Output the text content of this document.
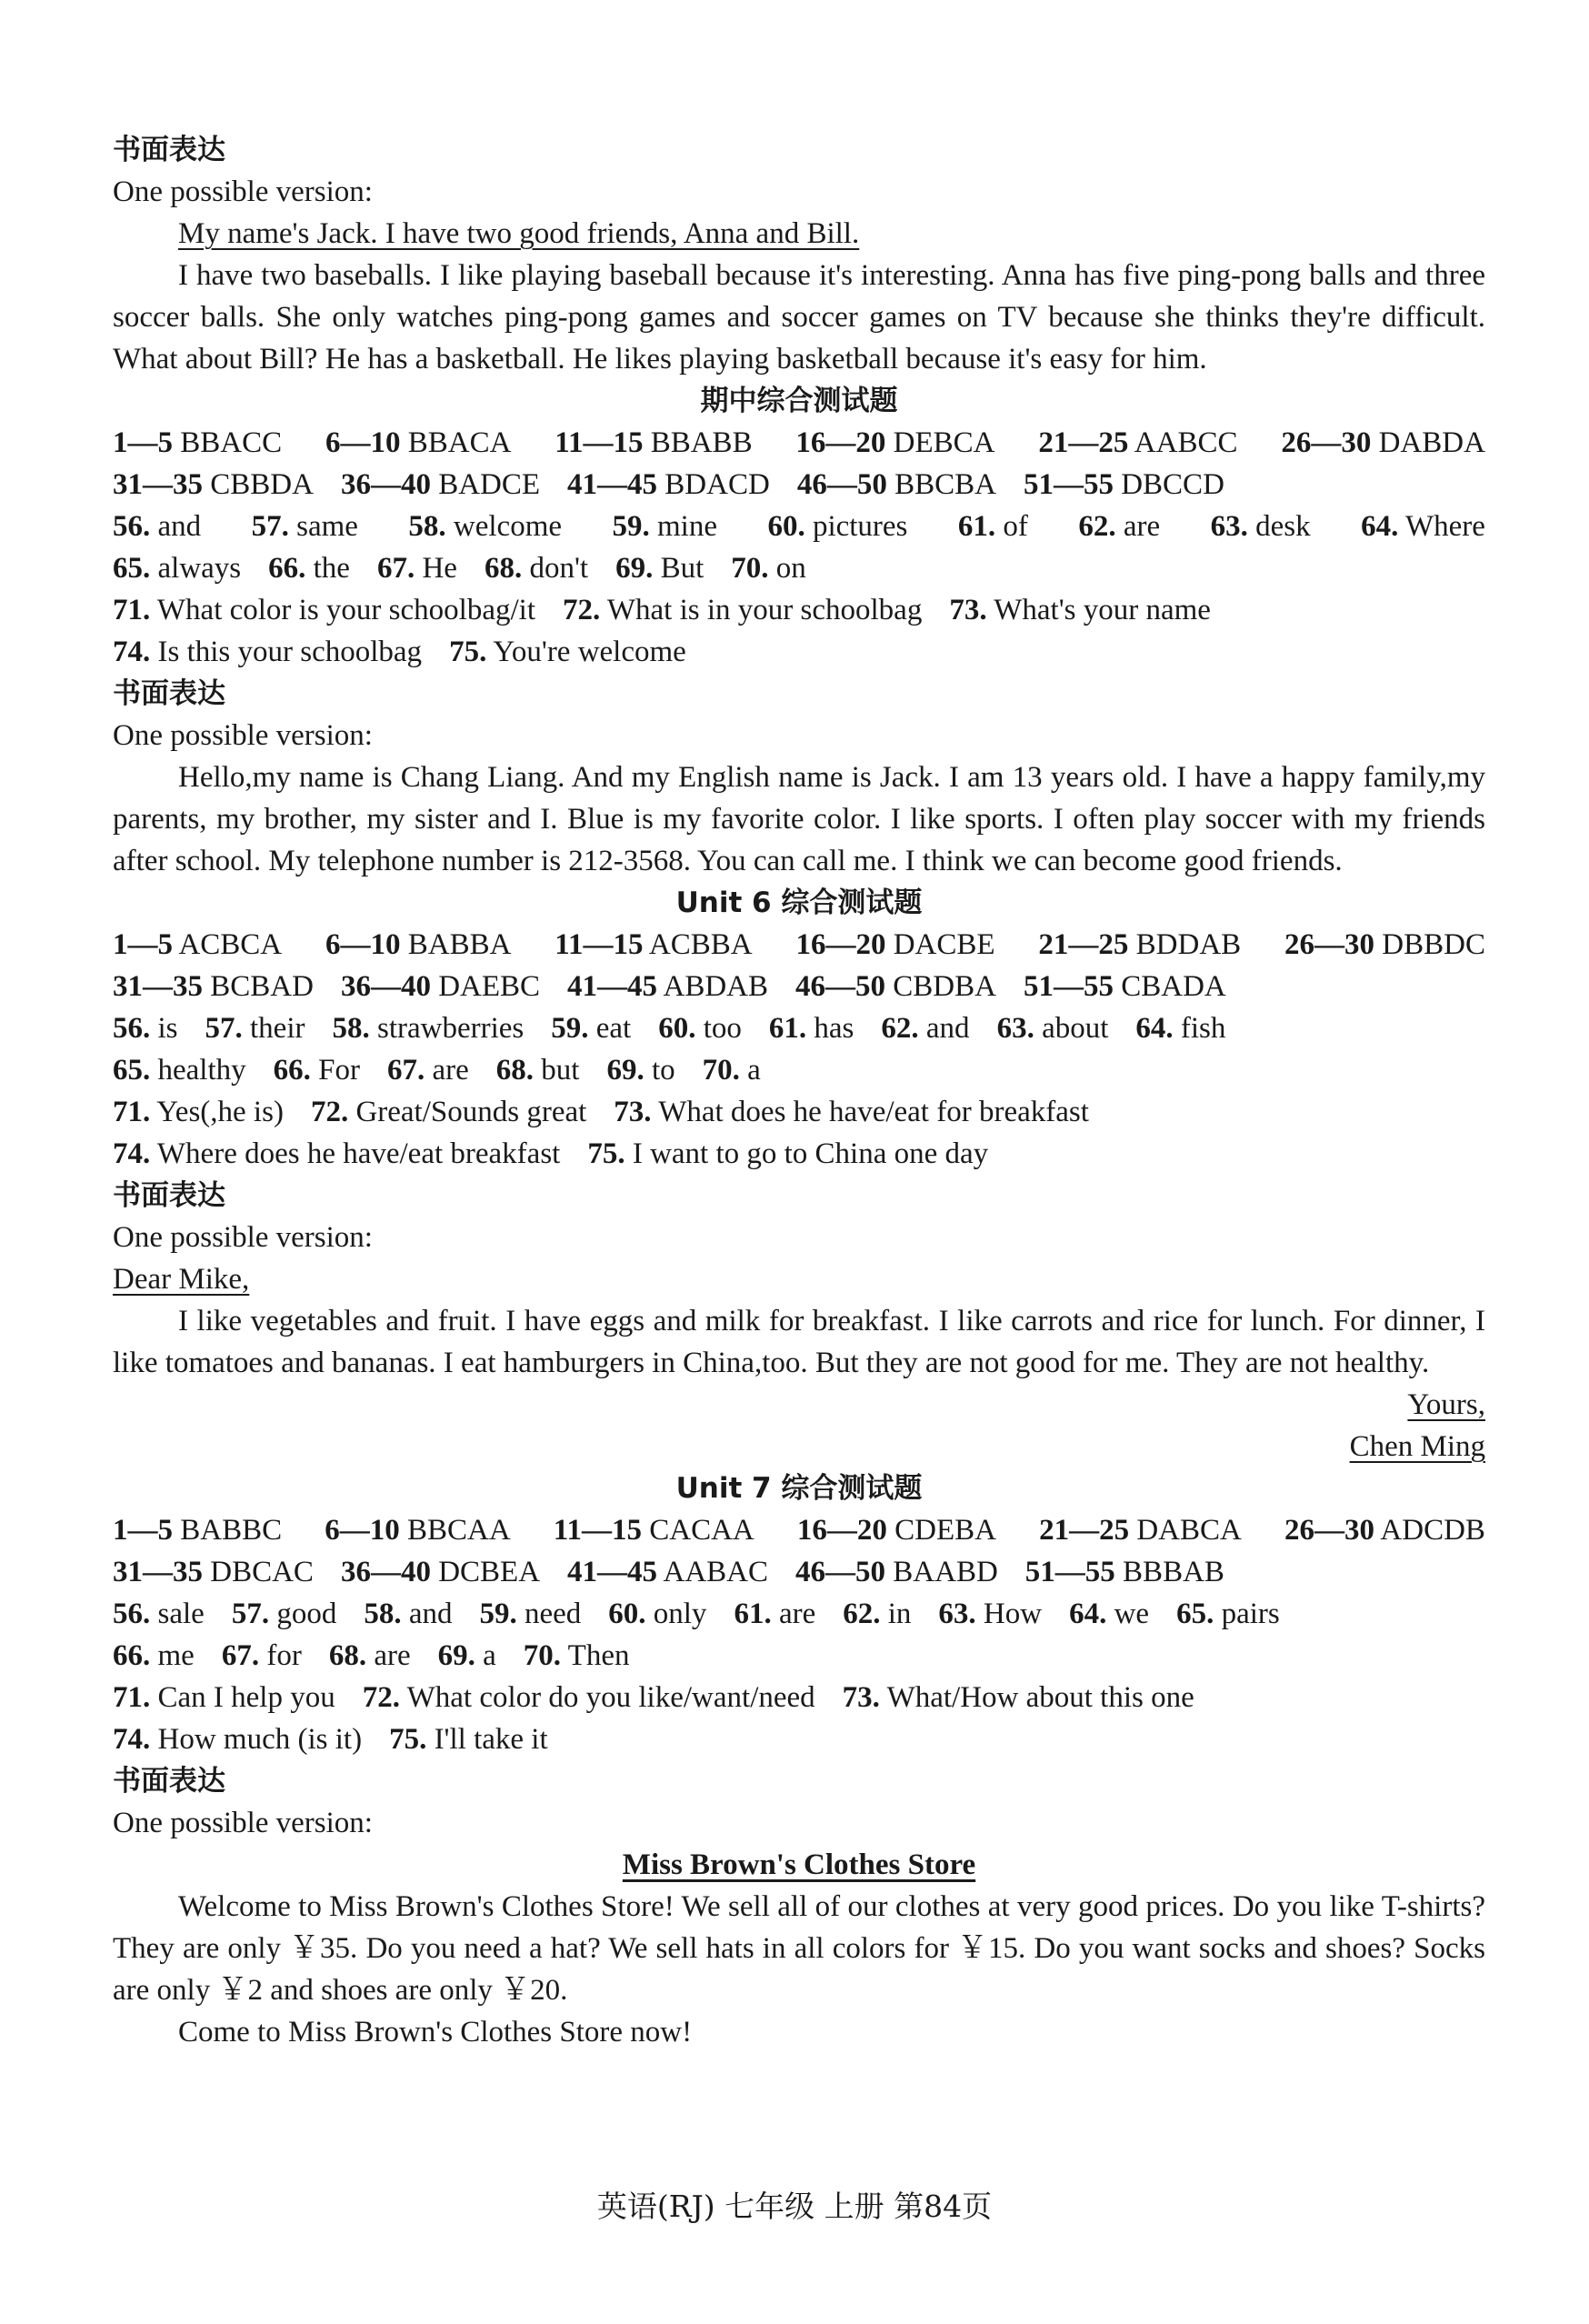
书面表达
One possible version:
My name's Jack. I have two good friends, Anna and Bill.

I have two baseballs. I like playing baseball because it's interesting. Anna has five ping-pong balls and three soccer balls. She only watches ping-pong games and soccer games on TV because she thinks they're difficult. What about Bill? He has a basketball. He likes playing basketball because it's easy for him.

期中综合测试题
1—5 BBACC 6—10 BBACA 11—15 BBABB 16—20 DEBCA 21—25 AABCC 26—30 DABDA
31—35 CBBDA 36—40 BADCE 41—45 BDACD 46—50 BBCBA 51—55 DBCCD
56. and 57. same 58. welcome 59. mine 60. pictures 61. of 62. are 63. desk 64. Where
65. always 66. the 67. He 68. don't 69. But 70. on
71. What color is your schoolbag/it 72. What is in your schoolbag 73. What's your name
74. Is this your schoolbag 75. You're welcome
书面表达
One possible version:

Hello,my name is Chang Liang. And my English name is Jack. I am 13 years old. I have a happy family,my parents, my brother, my sister and I. Blue is my favorite color. I like sports. I often play soccer with my friends after school. My telephone number is 212-3568. You can call me. I think we can become good friends.

Unit 6 综合测试题
1—5 ACBCA 6—10 BABBA 11—15 ACBBA 16—20 DACBE 21—25 BDDAB 26—30 DBBDC
31—35 BCBAD 36—40 DAEBC 41—45 ABDAB 46—50 CBDBA 51—55 CBADA
56. is 57. their 58. strawberries 59. eat 60. too 61. has 62. and 63. about 64. fish
65. healthy 66. For 67. are 68. but 69. to 70. a
71. Yes(,he is) 72. Great/Sounds great 73. What does he have/eat for breakfast
74. Where does he have/eat breakfast 75. I want to go to China one day
书面表达
One possible version:
Dear Mike,

I like vegetables and fruit. I have eggs and milk for breakfast. I like carrots and rice for lunch. For dinner, I like tomatoes and bananas. I eat hamburgers in China,too. But they are not good for me. They are not healthy.

Yours,
Chen Ming
Unit 7 综合测试题
1—5 BABBC 6—10 BBCAA 11—15 CACAA 16—20 CDEBA 21—25 DABCA 26—30 ADCDB
31—35 DBCAC 36—40 DCBEA 41—45 AABAC 46—50 BAABD 51—55 BBBAB
56. sale 57. good 58. and 59. need 60. only 61. are 62. in 63. How 64. we 65. pairs
66. me 67. for 68. are 69. a 70. Then
71. Can I help you 72. What color do you like/want/need 73. What/How about this one
74. How much (is it) 75. I'll take it
书面表达
One possible version:
Miss Brown's Clothes Store

Welcome to Miss Brown's Clothes Store! We sell all of our clothes at very good prices. Do you like T-shirts? They are only ￥35. Do you need a hat? We sell hats in all colors for ￥15. Do you want socks and shoes? Socks are only ￥2 and shoes are only ￥20.

Come to Miss Brown's Clothes Store now!

英语(RJ) 七年级 上册 第84页
